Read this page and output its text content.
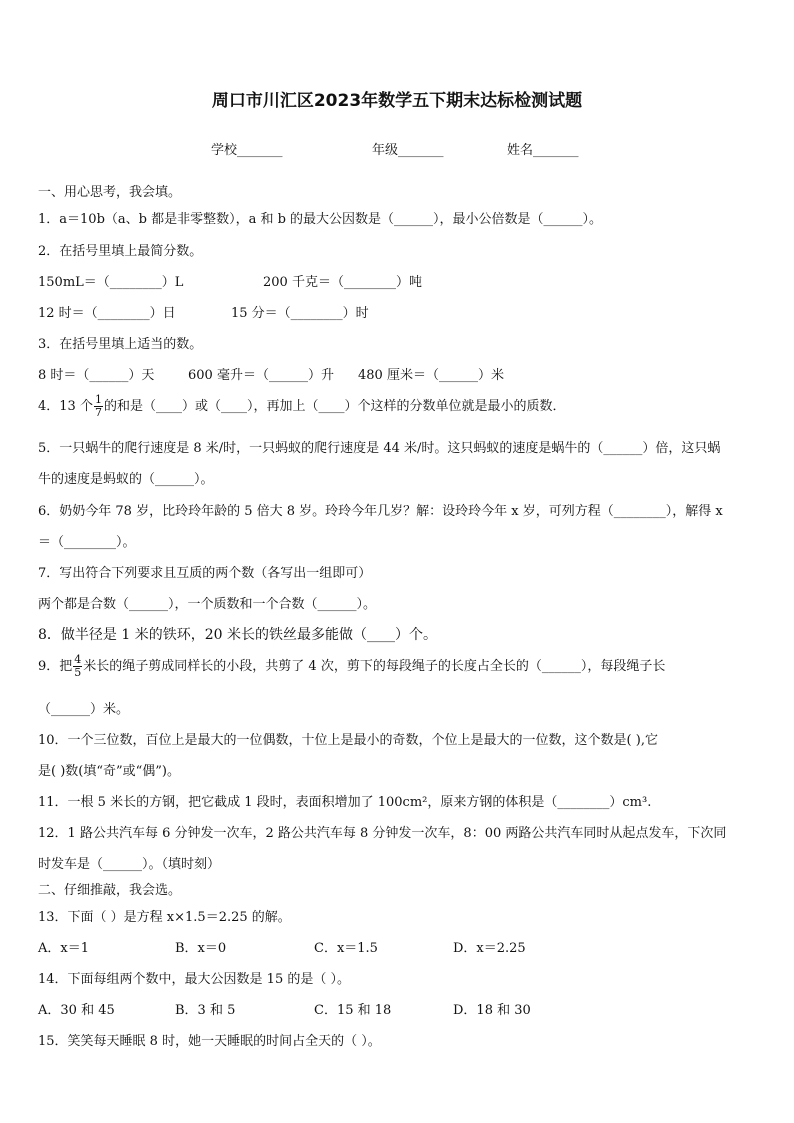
周口市川汇区2023年数学五下期末达标检测试题
学校_______	年级_______	姓名_______
一、用心思考，我会填。
1．a＝10b（a、b 都是非零整数），a 和 b 的最大公因数是（______），最小公倍数是（______）。
2．在括号里填上最简分数。
150mL＝（________）L	200 千克＝（________）吨
12 时＝（________）日	15 分＝（________）时
3．在括号里填上适当的数。
8 时＝（______）天	600 毫升＝（______）升 480 厘米＝（______）米
4．13 个 $\frac{1}{7}$ 的和是（____）或（____），再加上（____）个这样的分数单位就是最小的质数．
5．一只蜗牛的爬行速度是 8 米/时，一只蚂蚁的爬行速度是 44 米/时。这只蚂蚁的速度是蜗牛的（______）倍，这只蜗
牛的速度是蚂蚁的（______）。
6．奶奶今年 78 岁，比玲玲年龄的 5 倍大 8 岁。玲玲今年几岁？解：设玲玲今年 x 岁，可列方程（________），解得 x
＝（________）。
7．写出符合下列要求且互质的两个数（各写出一组即可）
两个都是合数（______），一个质数和一个合数（______）。
8．做半径是 1 米的铁环，20 米长的铁丝最多能做（____）个。
9．把 $\frac{4}{5}$ 米长的绳子剪成同样长的小段，共剪了 4 次，剪下的每段绳子的长度占全长的（______），每段绳子长
（______）米。
10．一个三位数，百位上是最大的一位偶数，十位上是最小的奇数，个位上是最大的一位数，这个数是( ),它
是( )数(填“奇”或“偶”)。
11．一根 5 米长的方钢，把它截成 1 段时，表面积增加了 100cm²，原来方钢的体积是（________）cm³.
12．1 路公共汽车每 6 分钟发一次车，2 路公共汽车每 8 分钟发一次车，8：00 两路公共汽车同时从起点发车，下次同
时发车是（______）。（填时刻）
二、仔细推敲，我会选。
13．下面（ ）是方程 x×1.5＝2.25 的解。
A．x＝1	B．x＝0	C．x＝1.5	D．x＝2.25
14．下面每组两个数中，最大公因数是 15 的是（ ）。
A．30 和 45	B．3 和 5	C．15 和 18	D．18 和 30
15．笑笑每天睡眠 8 时，她一天睡眠的时间占全天的（ ）。
